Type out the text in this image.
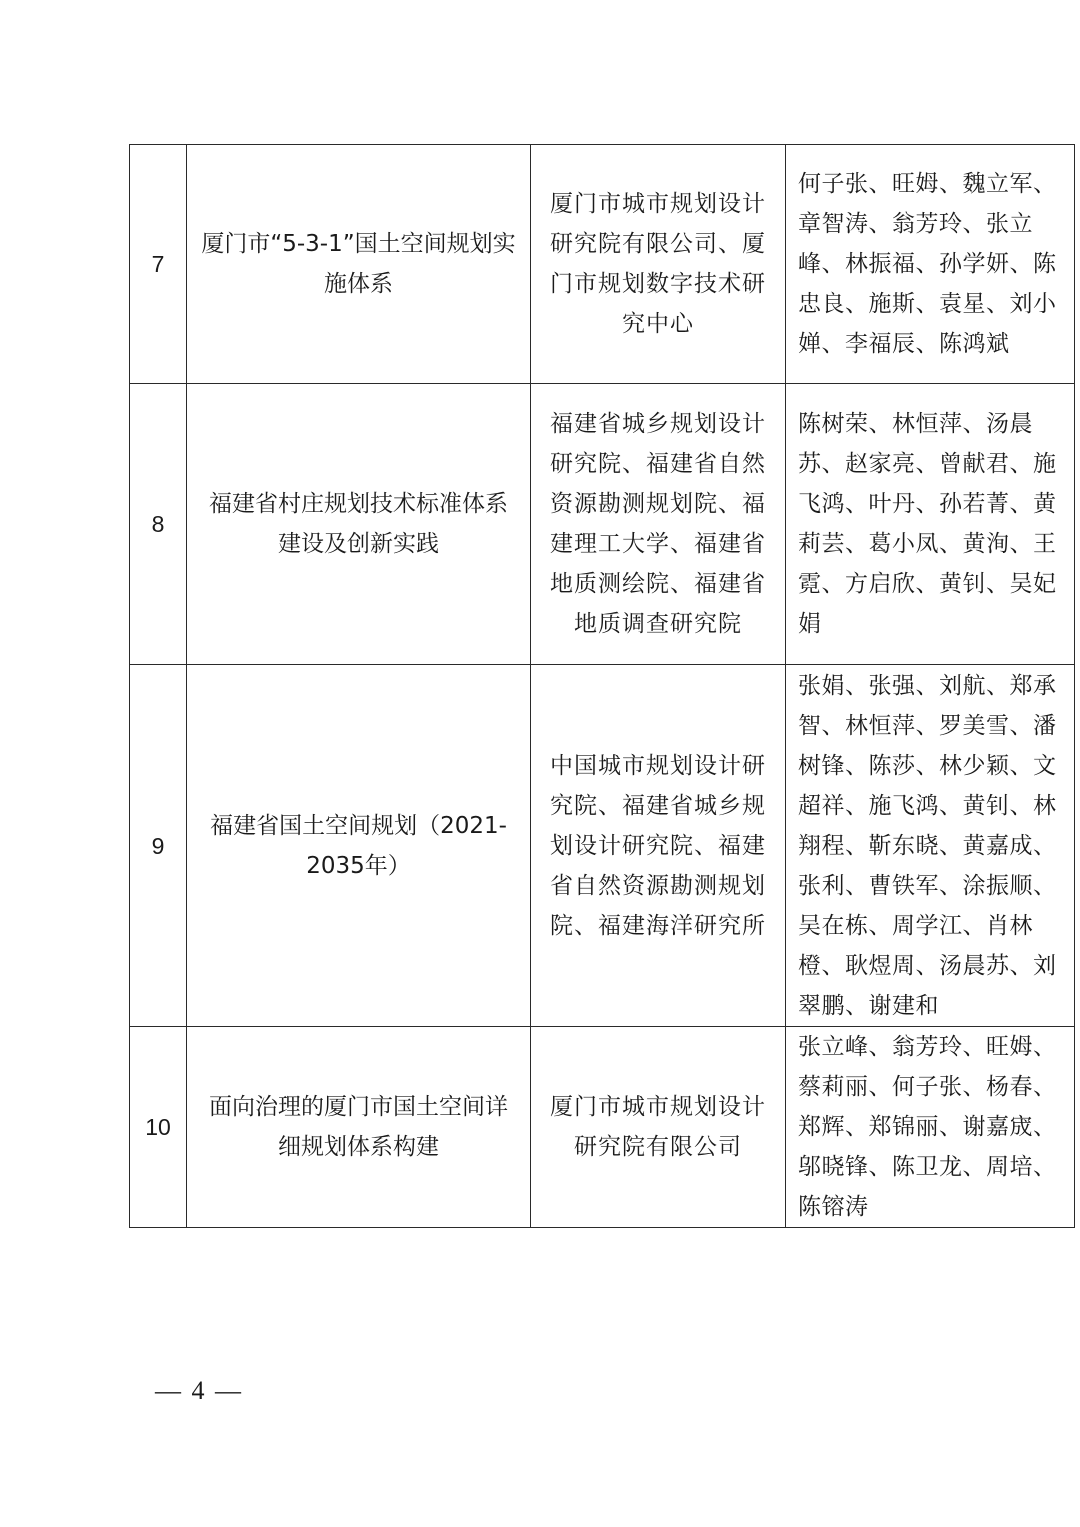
7	厦门市“5-3-1”国土空间规划实施体系	厦门市城市规划设计研究院有限公司、厦门市规划数字技术研究中心	何子张、旺姆、魏立军、章智涛、翁芳玲、张立峰、林振福、孙学妍、陈忠良、施斯、袁星、刘小婵、李福辰、陈鸿斌

8	福建省村庄规划技术标准体系建设及创新实践	福建省城乡规划设计研究院、福建省自然资源勘测规划院、福建理工大学、福建省地质测绘院、福建省地质调查研究院	陈树荣、林恒萍、汤晨苏、赵家亮、曾献君、施飞鸿、叶丹、孙若菁、黄莉芸、葛小凤、黄洵、王霓、方启欣、黄钊、吴妃娟

9	福建省国土空间规划（2021-2035年）	中国城市规划设计研究院、福建省城乡规划设计研究院、福建省自然资源勘测规划院、福建海洋研究所	张娟、张强、刘航、郑承智、林恒萍、罗美雪、潘树锋、陈莎、林少颖、文超祥、施飞鸿、黄钊、林翔程、靳东晓、黄嘉成、张利、曹铁军、涂振顺、吴在栋、周学江、肖林橙、耿煜周、汤晨苏、刘翠鹏、谢建和

10	面向治理的厦门市国土空间详细规划体系构建	厦门市城市规划设计研究院有限公司	张立峰、翁芳玲、旺姆、蔡莉丽、何子张、杨春、郑辉、郑锦丽、谢嘉宬、邬晓锋、陈卫龙、周培、陈镕涛
— 4 —
